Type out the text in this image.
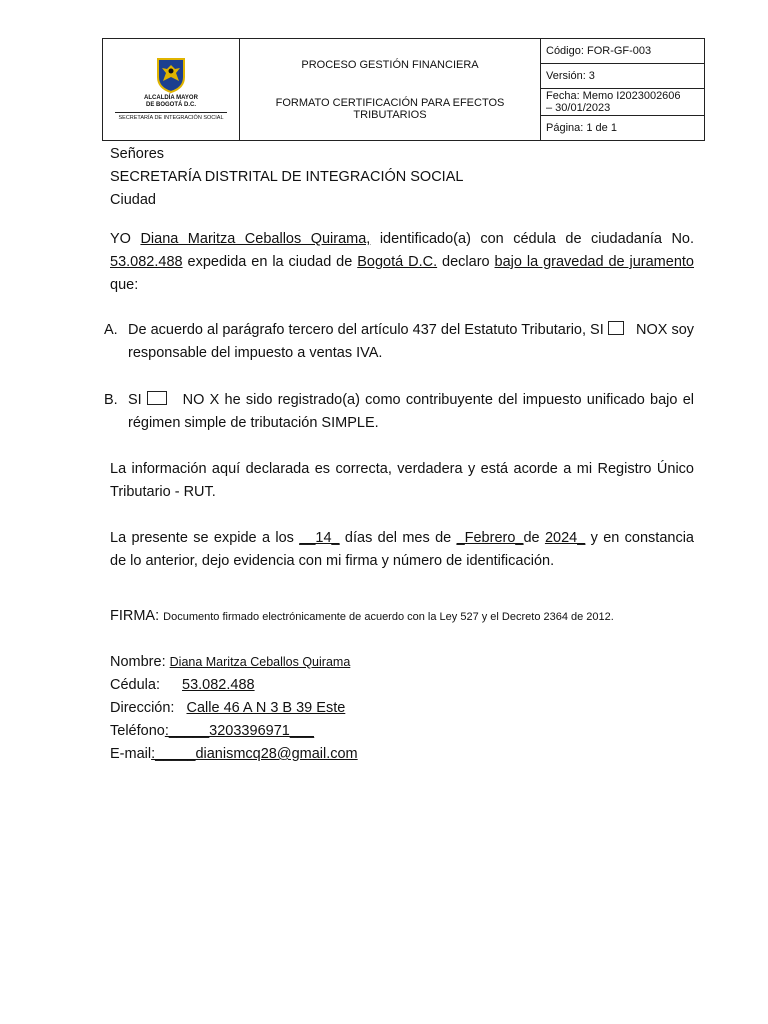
ALCALDÍA MAYOR
DE BOGOTÁ D.C.
SECRETARÍA DE INTEGRACIÓN SOCIAL

PROCESO GESTIÓN FINANCIERA
FORMATO CERTIFICACIÓN PARA EFECTOS TRIBUTARIOS
	Código: FOR-GF-003
Versión: 3

Fecha: Memo I2023002606
– 30/01/2023

Página: 1 de 1
Señores
SECRETARÍA DISTRITAL DE INTEGRACIÓN SOCIAL
Ciudad
YO Diana Maritza Ceballos Quirama, identificado(a) con cédula de ciudadanía No. 53.082.488 expedida en la ciudad de Bogotá D.C. declaro bajo la gravedad de juramento que:
A. De acuerdo al parágrafo tercero del artículo 437 del Estatuto Tributario, SI NOX soy responsable del impuesto a ventas IVA.
B. SI	NO X he sido registrado(a) como contribuyente del impuesto unificado bajo el régimen simple de tributación SIMPLE.
La información aquí declarada es correcta, verdadera y está acorde a mi Registro Único Tributario - RUT.
La presente se expide a los __14_ días del mes de _Febrero_de 2024_ y en constancia de lo anterior, dejo evidencia con mi firma y número de identificación.
FIRMA: Documento firmado electrónicamente de acuerdo con la Ley 527 y el Decreto 2364 de 2012.
Nombre: Diana Maritza Ceballos Quirama
Cédula: 53.082.488
Dirección: Calle 46 A N 3 B 39 Este
Teléfono:_____3203396971___
E-mail:_____dianismcq28@gmail.com
